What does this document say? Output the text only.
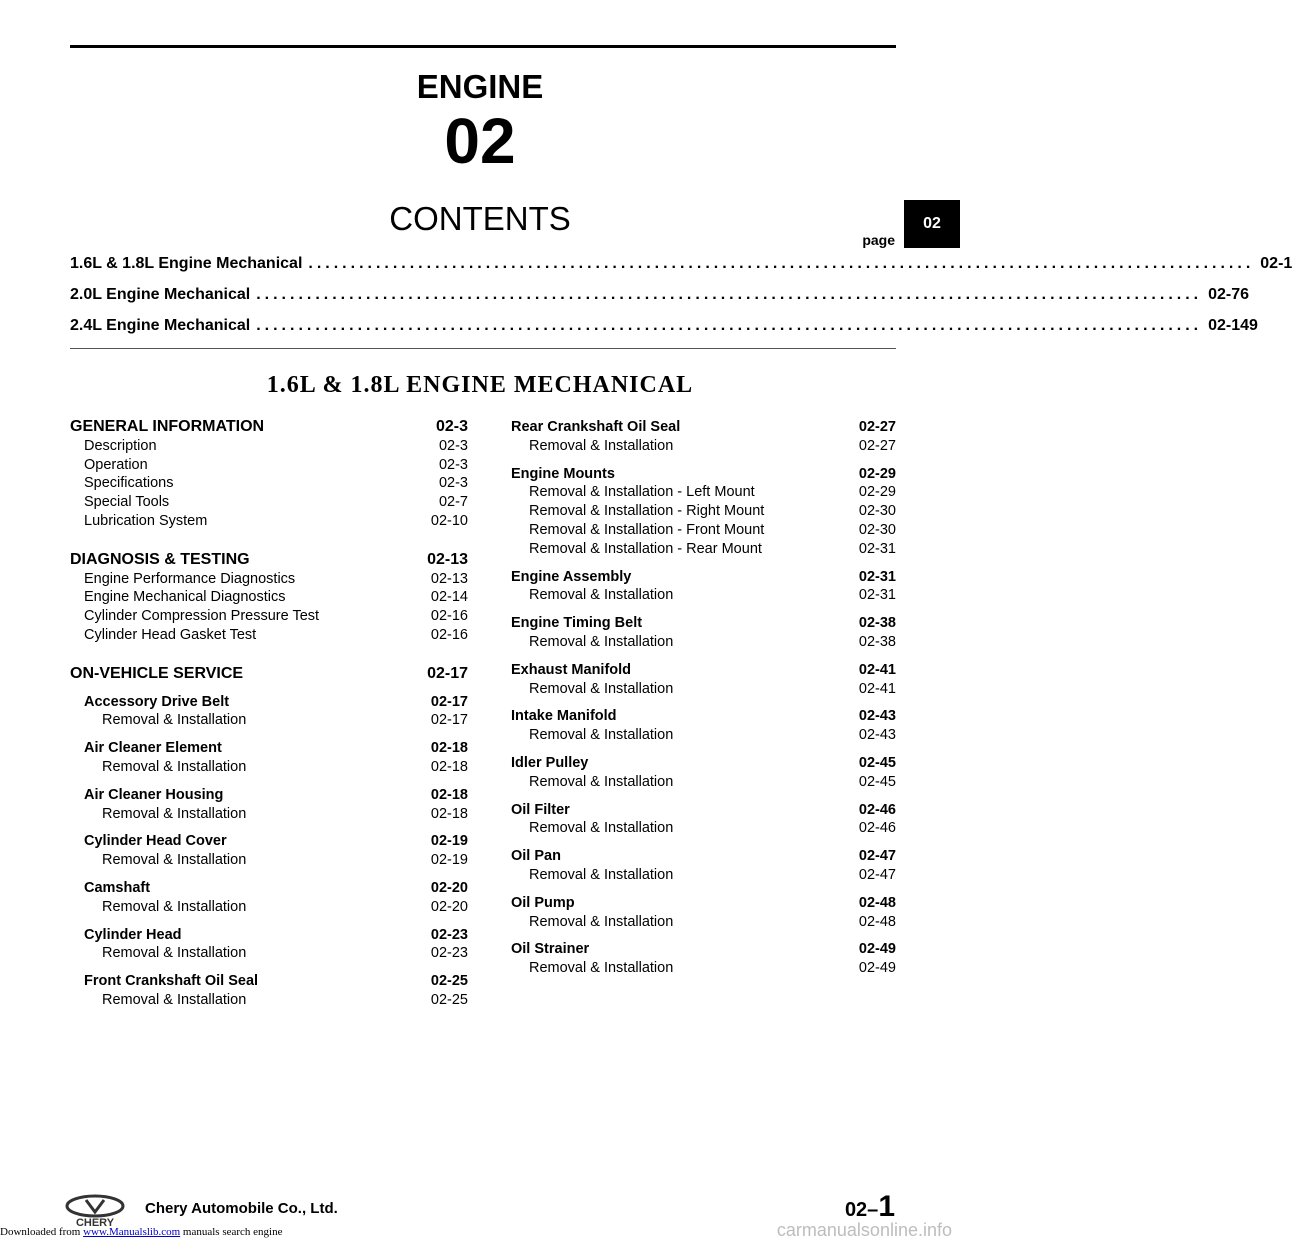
ENGINE
02
CONTENTS	02
page
1.6L & 1.8L Engine Mechanical ................................................................................................................ 02-1
2.0L Engine Mechanical ................................................................................................................ 02-76
2.4L Engine Mechanical ................................................................................................................ 02-149
1.6L & 1.8L ENGINE MECHANICAL
GENERAL INFORMATION	02-3
Description	02-3
Operation	02-3
Specifications	02-3
Special Tools	02-7
Lubrication System	02-10
DIAGNOSIS & TESTING	02-13
Engine Performance Diagnostics	02-13
Engine Mechanical Diagnostics	02-14
Cylinder Compression Pressure Test	02-16
Cylinder Head Gasket Test	02-16
ON-VEHICLE SERVICE	02-17
Accessory Drive Belt	02-17
Removal & Installation	02-17
Air Cleaner Element	02-18
Removal & Installation	02-18
Air Cleaner Housing	02-18
Removal & Installation	02-18
Cylinder Head Cover	02-19
Removal & Installation	02-19
Camshaft	02-20
Removal & Installation	02-20
Cylinder Head	02-23
Removal & Installation	02-23
Front Crankshaft Oil Seal	02-25
Removal & Installation	02-25
Rear Crankshaft Oil Seal	02-27
Removal & Installation	02-27
Engine Mounts	02-29
Removal & Installation - Left Mount	02-29
Removal & Installation - Right Mount	02-30
Removal & Installation - Front Mount	02-30
Removal & Installation - Rear Mount	02-31
Engine Assembly	02-31
Removal & Installation	02-31
Engine Timing Belt	02-38
Removal & Installation	02-38
Exhaust Manifold	02-41
Removal & Installation	02-41
Intake Manifold	02-43
Removal & Installation	02-43
Idler Pulley	02-45
Removal & Installation	02-45
Oil Filter	02-46
Removal & Installation	02-46
Oil Pan	02-47
Removal & Installation	02-47
Oil Pump	02-48
Removal & Installation	02-48
Oil Strainer	02-49
Removal & Installation	02-49
CHERY
Chery Automobile Co., Ltd.	02–1
Downloaded from www.Manualslib.com manuals search engine	carmanualsonline.info
